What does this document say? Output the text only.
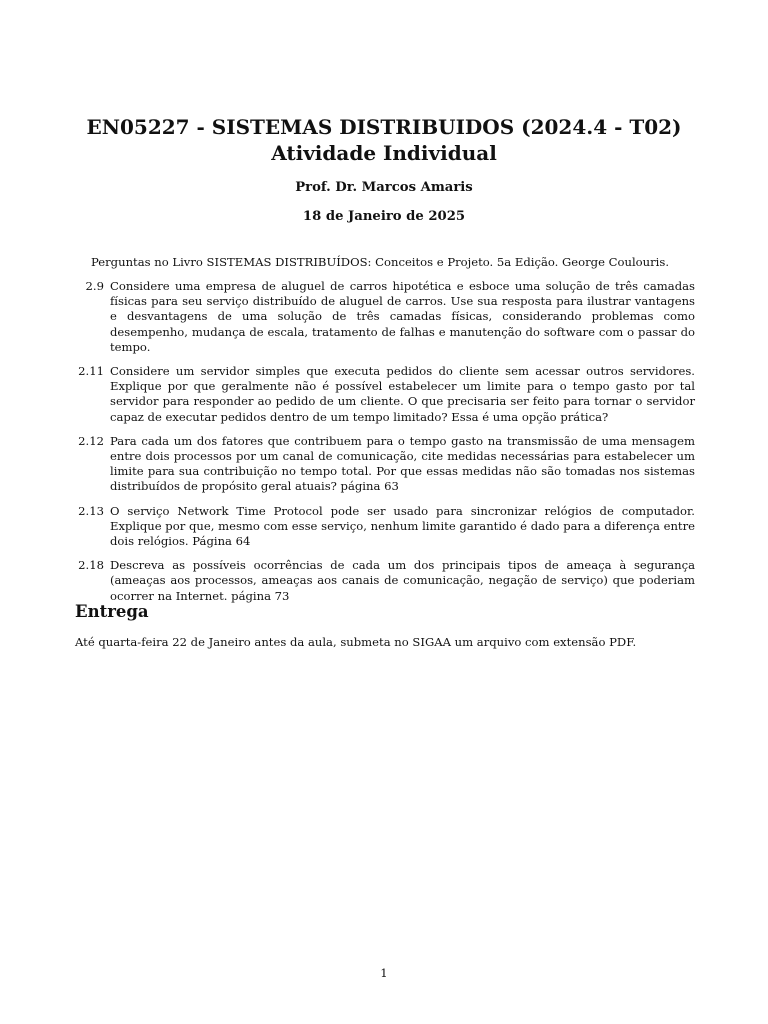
EN05227 - SISTEMAS DISTRIBUIDOS (2024.4 - T02)
Atividade Individual
Prof. Dr. Marcos Amaris
18 de Janeiro de 2025
Perguntas no Livro SISTEMAS DISTRIBUÍDOS: Conceitos e Projeto. 5a Edição. George Coulouris.
2.9 Considere uma empresa de aluguel de carros hipotética e esboce uma solução de três camadas físicas para seu serviço distribuído de aluguel de carros. Use sua resposta para ilustrar vantagens e desvantagens de uma solução de três camadas físicas, considerando problemas como desempenho, mudança de escala, tratamento de falhas e manutenção do software com o passar do tempo.
2.11 Considere um servidor simples que executa pedidos do cliente sem acessar outros servidores. Explique por que geralmente não é possível estabelecer um limite para o tempo gasto por tal servidor para responder ao pedido de um cliente. O que precisaria ser feito para tornar o servidor capaz de executar pedidos dentro de um tempo limitado? Essa é uma opção prática?
2.12 Para cada um dos fatores que contribuem para o tempo gasto na transmissão de uma mensagem entre dois processos por um canal de comunicação, cite medidas necessárias para estabelecer um limite para sua contribuição no tempo total. Por que essas medidas não são tomadas nos sistemas distribuídos de propósito geral atuais? página 63
2.13 O serviço Network Time Protocol pode ser usado para sincronizar relógios de computador. Explique por que, mesmo com esse serviço, nenhum limite garantido é dado para a diferença entre dois relógios. Página 64
2.18 Descreva as possíveis ocorrências de cada um dos principais tipos de ameaça à segurança (ameaças aos processos, ameaças aos canais de comunicação, negação de serviço) que poderiam ocorrer na Internet. página 73
Entrega
Até quarta-feira 22 de Janeiro antes da aula, submeta no SIGAA um arquivo com extensão PDF.
1
